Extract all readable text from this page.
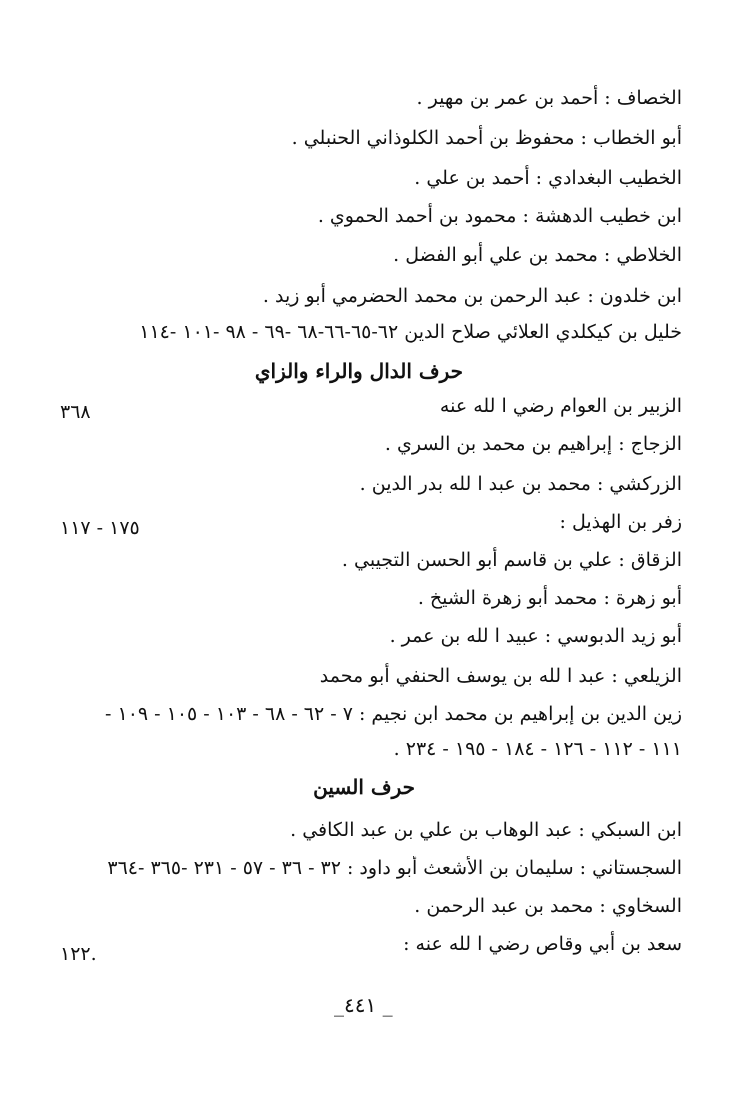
الخصاف : أحمد بن عمر بن مهير .
أبو الخطاب : محفوظ بن أحمد الكلوذاني الحنبلي .
الخطيب البغدادي : أحمد بن علي .
ابن خطيب الدهشة : محمود بن أحمد الحموي .
الخلاطي : محمد بن علي أبو الفضل .
ابن خلدون : عبد الرحمن بن محمد الحضرمي أبو زيد .
خليل بن كيكلدي العلائي صلاح الدين ٦٢-٦٥-٦٦-٦٨ -٦٩ - ٩٨ -١٠١ -١١٤
حرف الدال والراء والزاي
الزبير بن العوام رضي ا لله عنه
٣٦٨
الزجاج : إبراهيم بن محمد بن السري .
الزركشي : محمد بن عبد ا لله بدر الدين .
زفر بن الهذيل :
١٧٥ - ١١٧
الزقاق : علي بن قاسم أبو الحسن التجيبي .
أبو زهرة : محمد أبو زهرة الشيخ .
أبو زيد الدبوسي : عبيد ا لله بن عمر .
الزيلعي : عبد ا لله بن يوسف الحنفي أبو محمد
زين الدين بن إبراهيم بن محمد ابن نجيم : ٧ - ٦٢ - ٦٨ - ١٠٣ - ١٠٥ - ١٠٩ -
١١١ - ١١٢ - ١٢٦ - ١٨٤ - ١٩٥ - ٢٣٤ .
حرف السين
ابن السبكي : عبد الوهاب بن علي بن عبد الكافي .
السجستاني : سليمان بن الأشعث أبو داود : ٣٢ - ٣٦ - ٥٧ - ٢٣١ -٣٦٥ -٣٦٤
السخاوي : محمد بن عبد الرحمن .
سعد بن أبي وقاص رضي ا لله عنه :
.١٢٢
_ ٤٤١_
